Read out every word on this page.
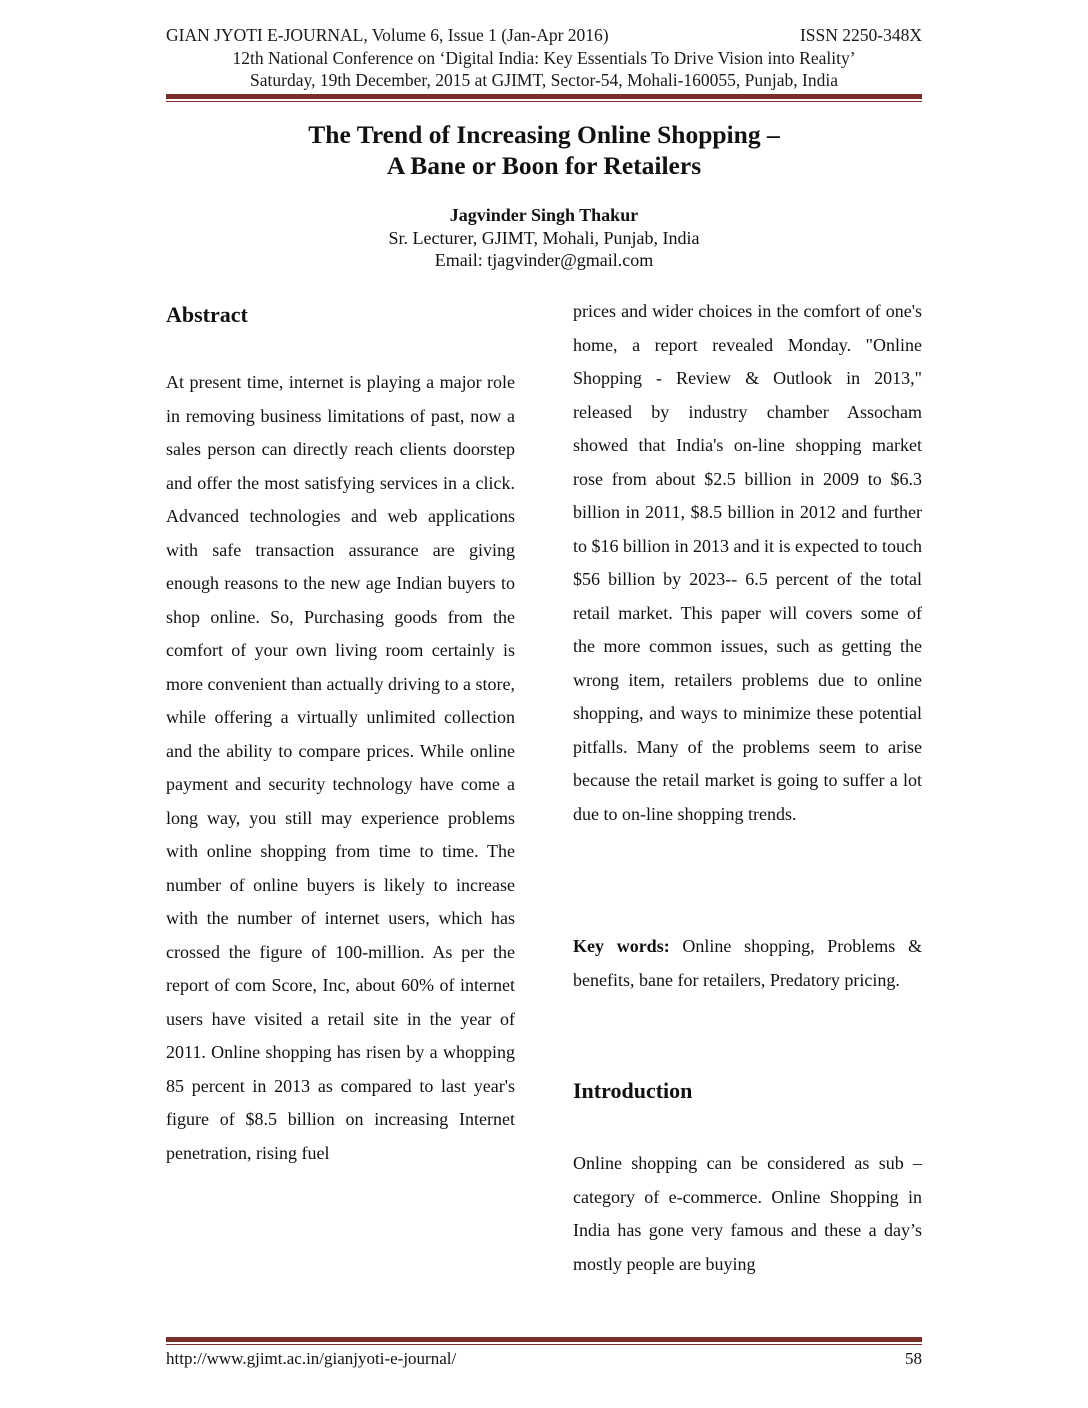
GIAN JYOTI E-JOURNAL, Volume 6, Issue 1 (Jan-Apr 2016)	ISSN 2250-348X
12th National Conference on ‘Digital India: Key Essentials To Drive Vision into Reality’
Saturday, 19th December, 2015 at GJIMT, Sector-54, Mohali-160055, Punjab, India
The Trend of Increasing Online Shopping –
A Bane or Boon for Retailers
Jagvinder Singh Thakur
Sr. Lecturer, GJIMT, Mohali, Punjab, India
Email: tjagvinder@gmail.com
Abstract
At present time, internet is playing a major role in removing business limitations of past, now a sales person can directly reach clients doorstep and offer the most satisfying services in a click. Advanced technologies and web applications with safe transaction assurance are giving enough reasons to the new age Indian buyers to shop online. So, Purchasing goods from the comfort of your own living room certainly is more convenient than actually driving to a store, while offering a virtually unlimited collection and the ability to compare prices. While online payment and security technology have come a long way, you still may experience problems with online shopping from time to time. The number of online buyers is likely to increase with the number of internet users, which has crossed the figure of 100-million. As per the report of com Score, Inc, about 60% of internet users have visited a retail site in the year of 2011. Online shopping has risen by a whopping 85 percent in 2013 as compared to last year's figure of $8.5 billion on increasing Internet penetration, rising fuel
prices and wider choices in the comfort of one's home, a report revealed Monday. "Online Shopping - Review & Outlook in 2013," released by industry chamber Assocham showed that India's on-line shopping market rose from about $2.5 billion in 2009 to $6.3 billion in 2011, $8.5 billion in 2012 and further to $16 billion in 2013 and it is expected to touch $56 billion by 2023-- 6.5 percent of the total retail market. This paper will covers some of the more common issues, such as getting the wrong item, retailers problems due to online shopping, and ways to minimize these potential pitfalls. Many of the problems seem to arise because the retail market is going to suffer a lot due to on-line shopping trends.
Key words: Online shopping, Problems & benefits, bane for retailers, Predatory pricing.
Introduction
Online shopping can be considered as sub – category of e-commerce. Online Shopping in India has gone very famous and these a day’s mostly people are buying
http://www.gjimt.ac.in/gianjyoti-e-journal/	58
